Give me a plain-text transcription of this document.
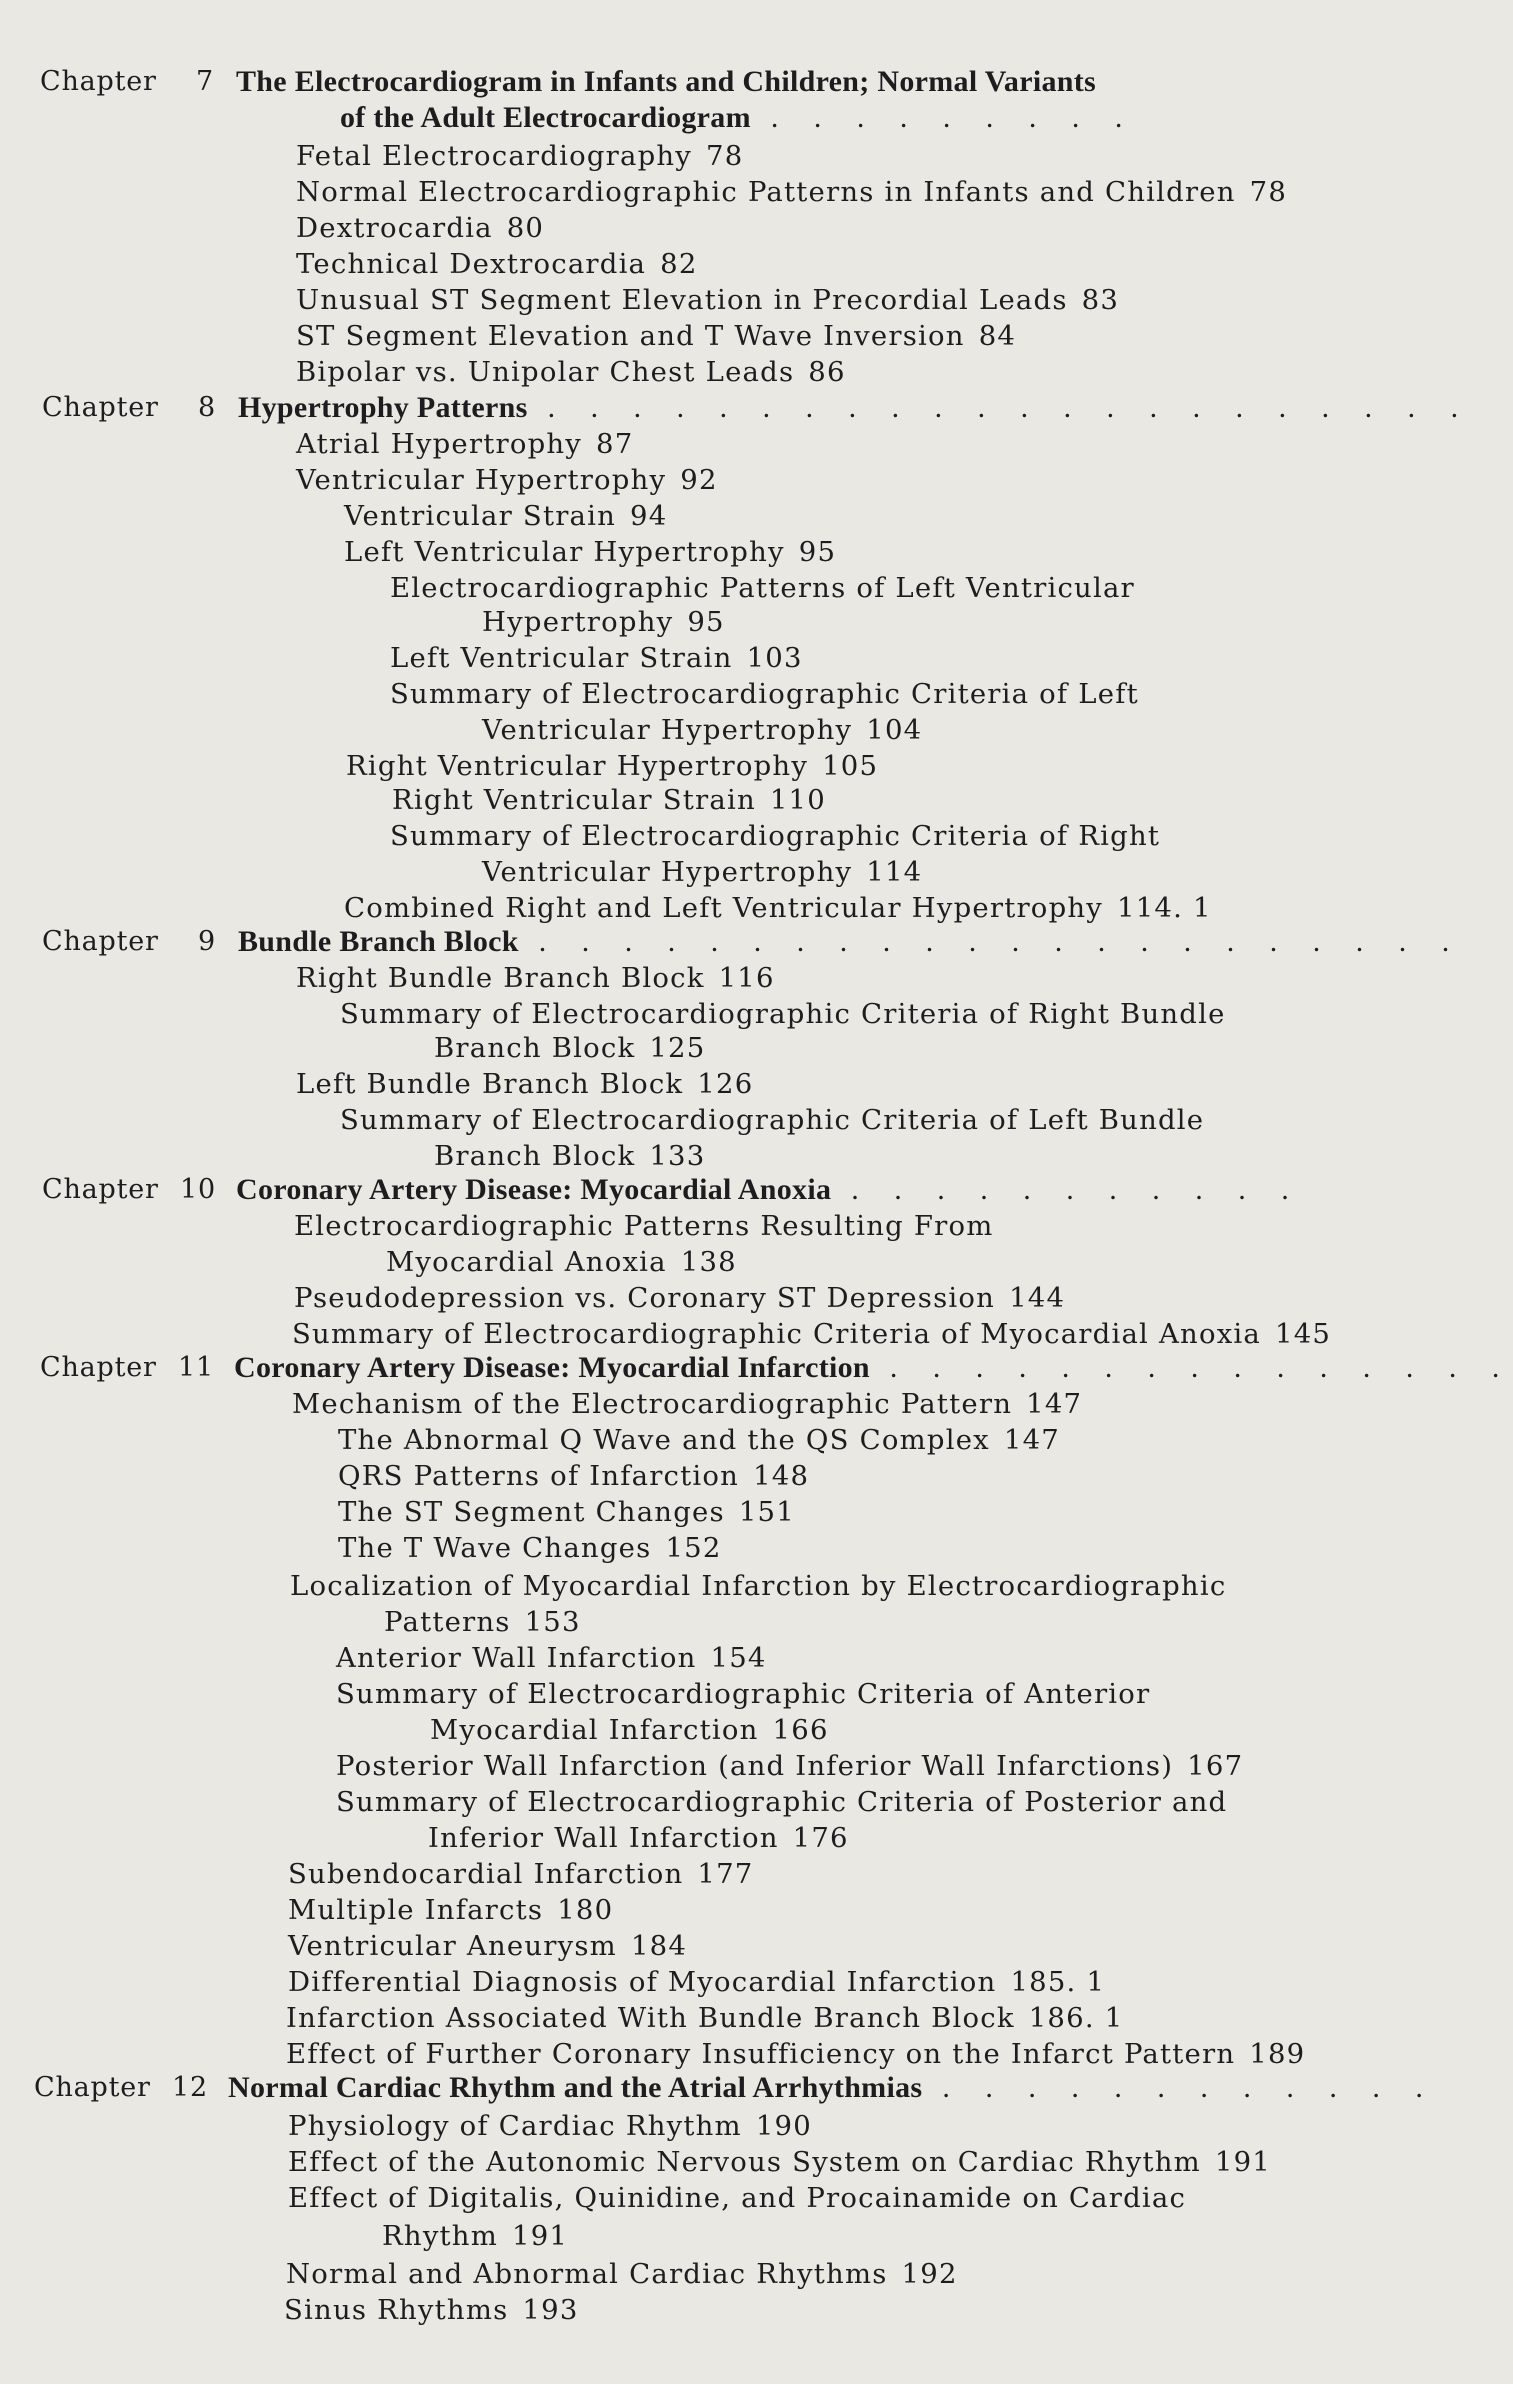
Chapter 7 The Electrocardiogram in Infants and Children; Normal Variants
of the Adult Electrocardiogram . . . . . . . . .
Fetal Electrocardiography 78
Normal Electrocardiographic Patterns in Infants and Children 78
Dextrocardia 80
Technical Dextrocardia 82
Unusual ST Segment Elevation in Precordial Leads 83
ST Segment Elevation and T Wave Inversion 84
Bipolar vs. Unipolar Chest Leads 86
Chapter 8 Hypertrophy Patterns . . . . . . . . . . . . . . . . . . . . . .
Atrial Hypertrophy 87
Ventricular Hypertrophy 92
Ventricular Strain 94
Left Ventricular Hypertrophy 95
Electrocardiographic Patterns of Left Ventricular
Hypertrophy 95
Left Ventricular Strain 103
Summary of Electrocardiographic Criteria of Left
Ventricular Hypertrophy 104
Right Ventricular Hypertrophy 105
Right Ventricular Strain 110
Summary of Electrocardiographic Criteria of Right
Ventricular Hypertrophy 114
Combined Right and Left Ventricular Hypertrophy 114. 1
Chapter 9 Bundle Branch Block . . . . . . . . . . . . . . . . . . . . . .
Right Bundle Branch Block 116
Summary of Electrocardiographic Criteria of Right Bundle
Branch Block 125
Left Bundle Branch Block 126
Summary of Electrocardiographic Criteria of Left Bundle
Branch Block 133
Chapter 10 Coronary Artery Disease: Myocardial Anoxia . . . . . . . . . . .
Electrocardiographic Patterns Resulting From
Myocardial Anoxia 138
Pseudodepression vs. Coronary ST Depression 144
Summary of Electrocardiographic Criteria of Myocardial Anoxia 145
Chapter 11 Coronary Artery Disease: Myocardial Infarction . . . . . . . . . . . . . . .
Mechanism of the Electrocardiographic Pattern 147
The Abnormal Q Wave and the QS Complex 147
QRS Patterns of Infarction 148
The ST Segment Changes 151
The T Wave Changes 152
Localization of Myocardial Infarction by Electrocardiographic
Patterns 153
Anterior Wall Infarction 154
Summary of Electrocardiographic Criteria of Anterior
Myocardial Infarction 166
Posterior Wall Infarction (and Inferior Wall Infarctions) 167
Summary of Electrocardiographic Criteria of Posterior and
Inferior Wall Infarction 176
Subendocardial Infarction 177
Multiple Infarcts 180
Ventricular Aneurysm 184
Differential Diagnosis of Myocardial Infarction 185. 1
Infarction Associated With Bundle Branch Block 186. 1
Effect of Further Coronary Insufficiency on the Infarct Pattern 189
Chapter 12 Normal Cardiac Rhythm and the Atrial Arrhythmias . . . . . . . . . . . .
Physiology of Cardiac Rhythm 190
Effect of the Autonomic Nervous System on Cardiac Rhythm 191
Effect of Digitalis, Quinidine, and Procainamide on Cardiac
Rhythm 191
Normal and Abnormal Cardiac Rhythms 192
Sinus Rhythms 193
